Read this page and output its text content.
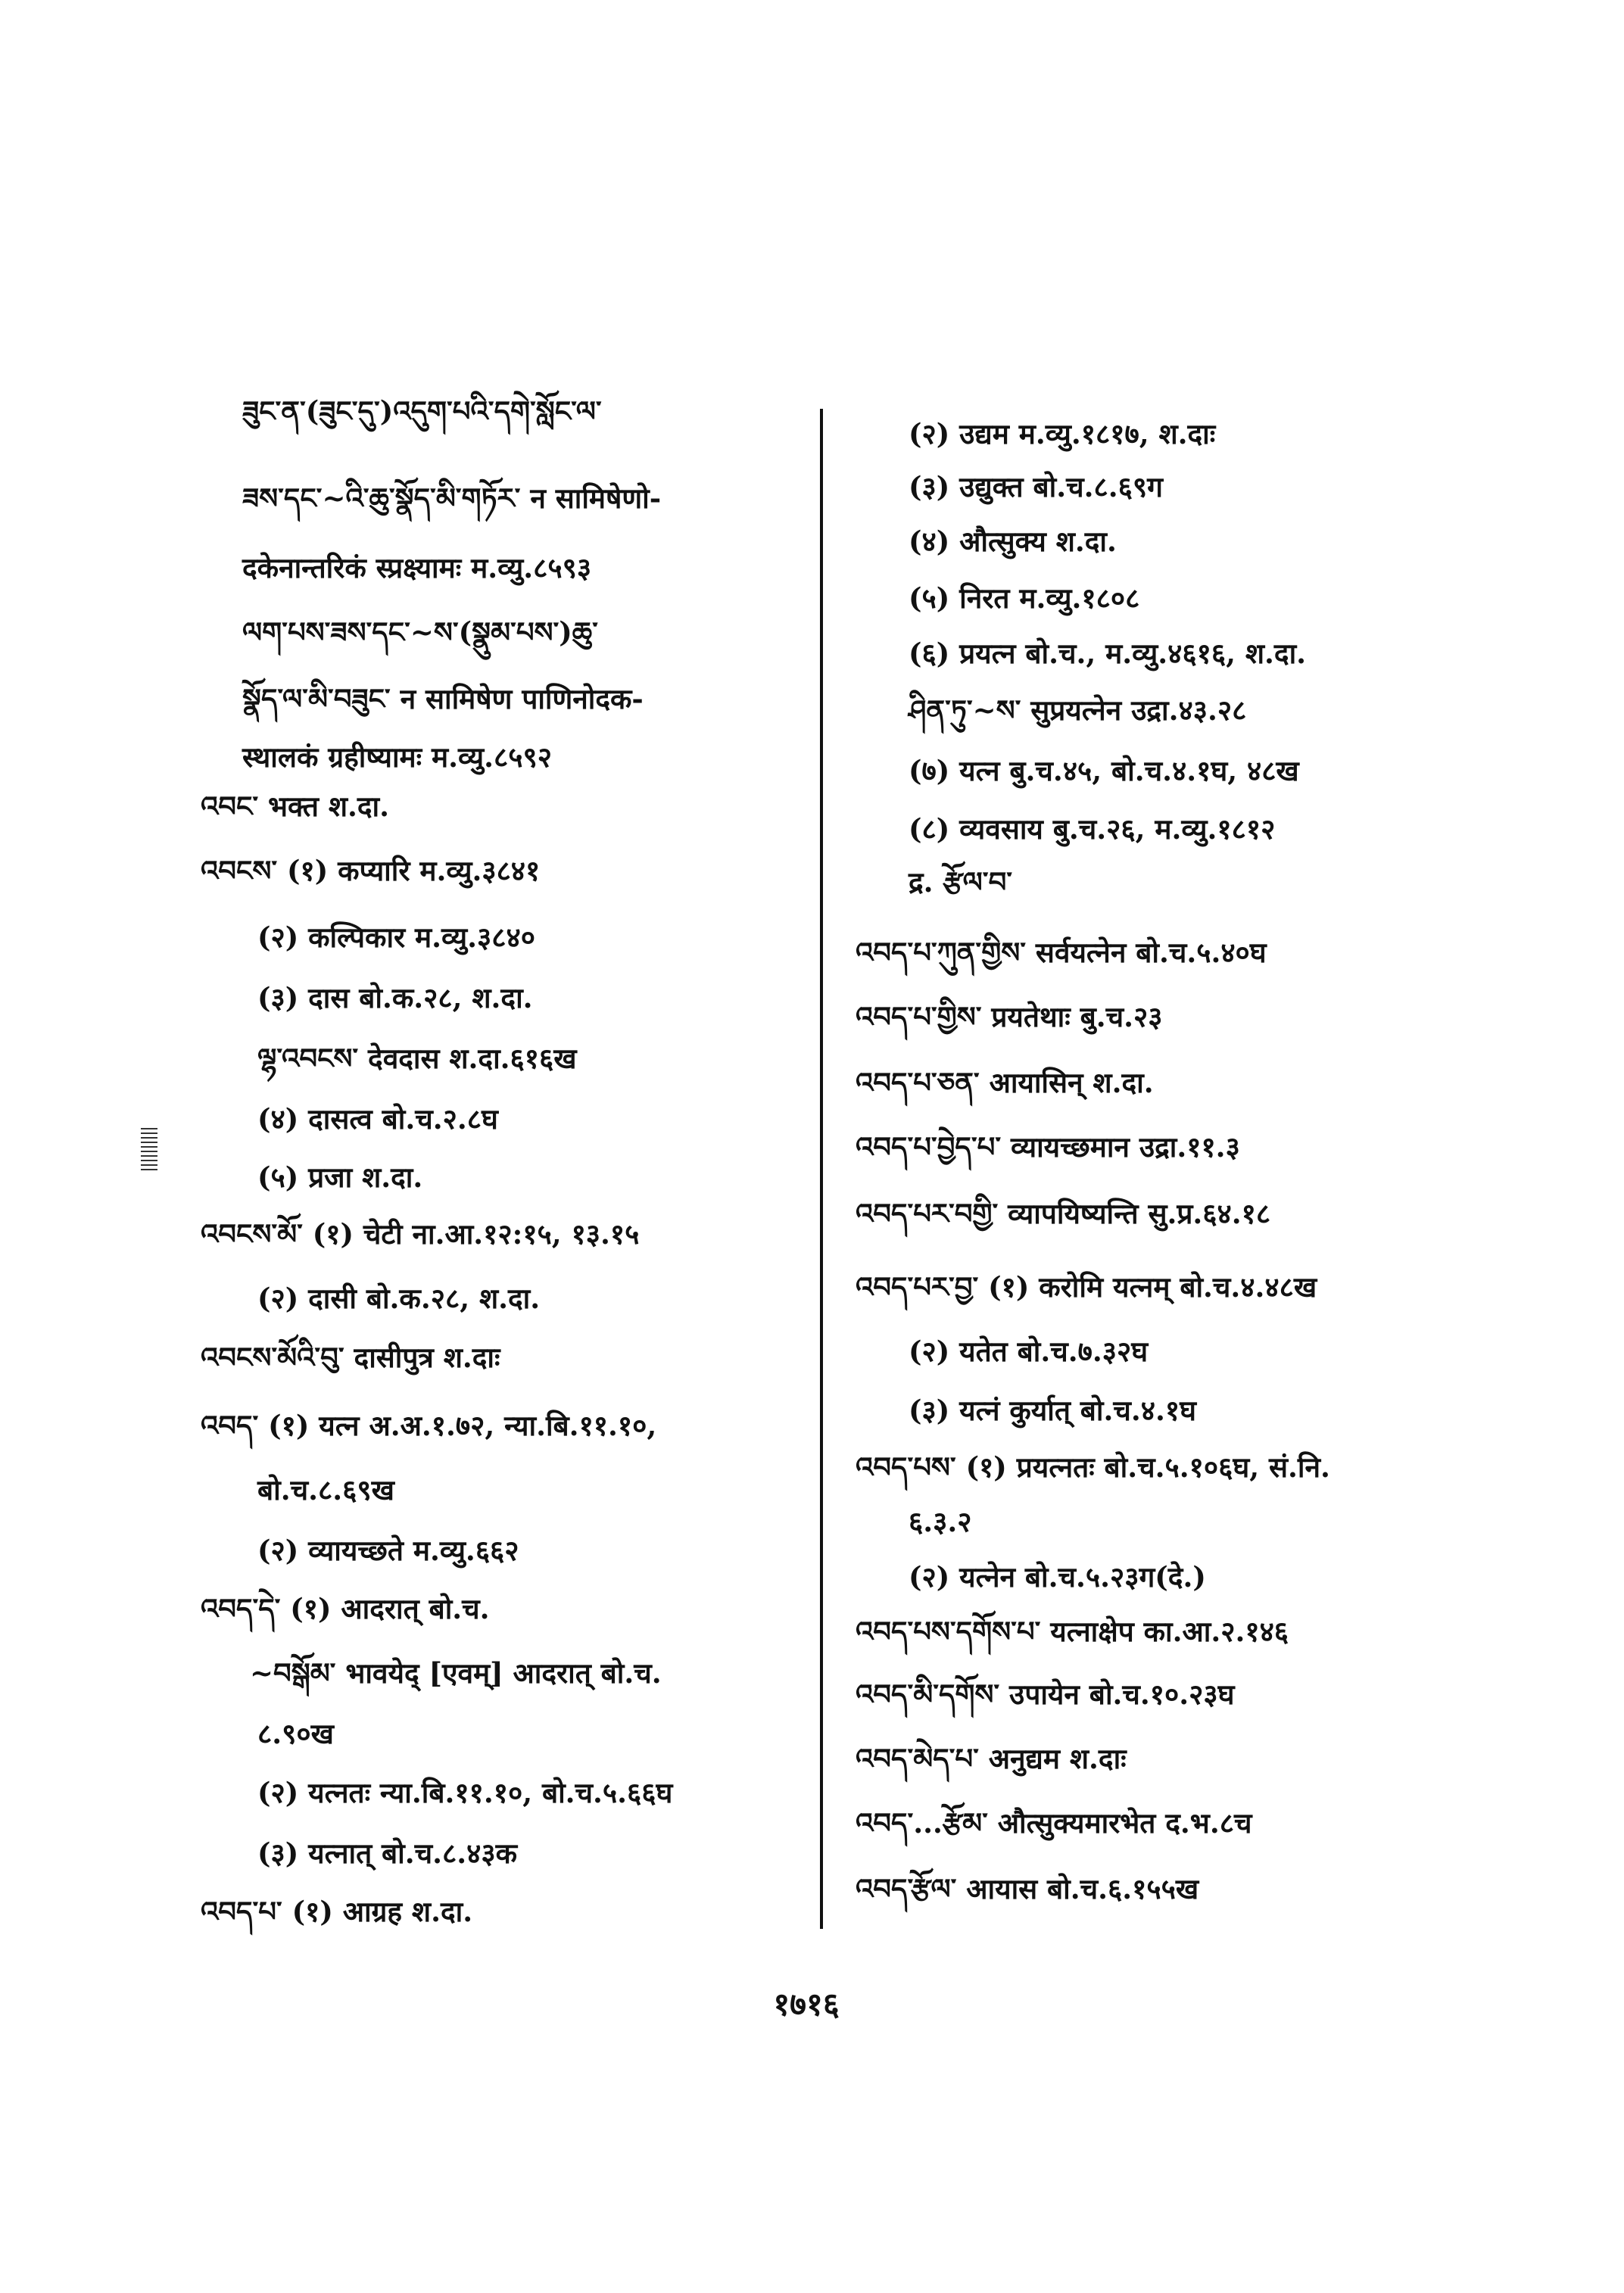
ཟུང་ན་(ཟུང་དུ་)འདུག་པའི་དགེ་སློང་ལ་
ཟས་དང་~འི་ཆུ་སྣོད་མི་གཏོར་ न सामिषेणो-
दकेनान्तरिकं स्प्रक्ष्यामः म.व्यु.८५९३
ལག་པས་ཟས་དང་~ས་(སྣུམ་པས་)ཆུ་
སྣོད་ལ་མི་བཟུང་ न सामिषेण पाणिनोदक-
स्थालकं ग्रहीष्यामः म.व्यु.८५९२
འབང་ भक्त श.दा.
འབངས་ (१) कप्यारि म.व्यु.३८४१
(२) कल्पिकार म.व्यु.३८४०
(३) दास बो.क.२८, श.दा.
ལྷ་འབངས་ देवदास श.दा.६१६ख
(४) दासत्व बो.च.२.८घ
(५) प्रजा श.दा.
འབངས་མོ་ (१) चेटी ना.आ.१२:१५, १३.१५
(२) दासी बो.क.२८, श.दा.
འབངས་མོའི་བུ་ दासीपुत्र श.दाः
འབད་ (१) यत्न अ.अ.१.७२, न्या.बि.११.१०,
बो.च.८.६९ख
(२) व्यायच्छते म.व्यु.६६२
འབད་དེ་ (१) आदरात् बो.च.
~བསྒོམ་ भावयेद् [एवम्] आदरात् बो.च.
८.९०ख
(२) यत्नतः न्या.बि.११.१०, बो.च.५.६६घ
(३) यत्नात् बो.च.८.४३क
འབད་པ་ (१) आग्रह श.दा.
(२) उद्यम म.व्यु.१८१७, श.दाः
(३) उद्युक्त बो.च.८.६९ग
(४) औत्सुक्य श.दा.
(५) निरत म.व्यु.१८०८
(६) प्रयत्न बो.च., म.व्यु.४६१६, श.दा.
ཤིན་ཏུ་~ས་ सुप्रयत्नेन उद्रा.४३.२८
(७) यत्न बु.च.४५, बो.च.४.१घ, ४८ख
(८) व्यवसाय बु.च.२६, म.व्यु.१८१२
द्र. རྩོལ་བ་
འབད་པ་ཀུན་གྱིས་ सर्वयत्नेन बो.च.५.४०घ
འབད་པ་གྱིས་ प्रयतेथाः बु.च.२३
འབད་པ་ཅན་ आयासिन् श.दा.
འབད་པ་བྱེད་པ་ व्यायच्छमान उद्रा.११.३
འབད་པར་བགྱི་ व्यापयिष्यन्ति सु.प्र.६४.१८
འབད་པར་བྱ་ (१) करोमि यत्नम् बो.च.४.४८ख
(२) यतेत बो.च.७.३२घ
(३) यत्नं कुर्यात् बो.च.४.१घ
འབད་པས་ (१) प्रयत्नतः बो.च.५.१०६घ, सं.नि.
६.३.२
(२) यत्नेन बो.च.५.२३ग(दे.)
འབད་པས་དགོས་པ་ यत्नाक्षेप का.आ.२.१४६
འབད་མི་དགོས་ उपायेन बो.च.१०.२३घ
འབད་མེད་པ་ अनुद्यम श.दाः
འབད་...རྩོམ་ औत्सुक्यमारभेत द.भ.८च
འབད་རྩོལ་ आयास बो.च.६.१५५ख
१७१६
